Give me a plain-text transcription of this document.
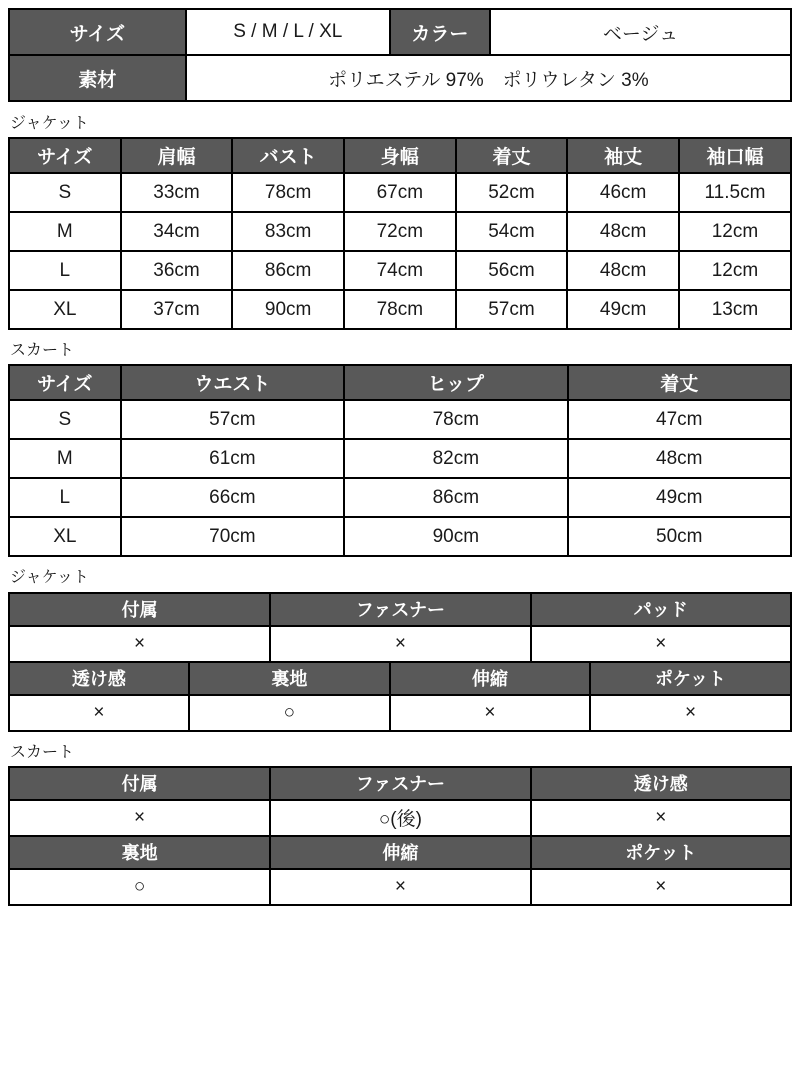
サイズ	S / M / L / XL	カラー	ベージュ
素材	ポリエステル 97%　ポリウレタン 3%		
ジャケット
サイズ	肩幅	バスト	身幅	着丈	袖丈	袖口幅
S	33cm	78cm	67cm	52cm	46cm	11.5cm
M	34cm	83cm	72cm	54cm	48cm	12cm
L	36cm	86cm	74cm	56cm	48cm	12cm
XL	37cm	90cm	78cm	57cm	49cm	13cm
スカート
サイズ	ウエスト	ヒップ	着丈
S	57cm	78cm	47cm
M	61cm	82cm	48cm
L	66cm	86cm	49cm
XL	70cm	90cm	50cm
ジャケット
付属	ファスナー	パッド
×	×	×
透け感	裏地	伸縮	ポケット
×	○	×	×
スカート
付属	ファスナー	透け感
×	○(後)	×
裏地	伸縮	ポケット
○	×	×
